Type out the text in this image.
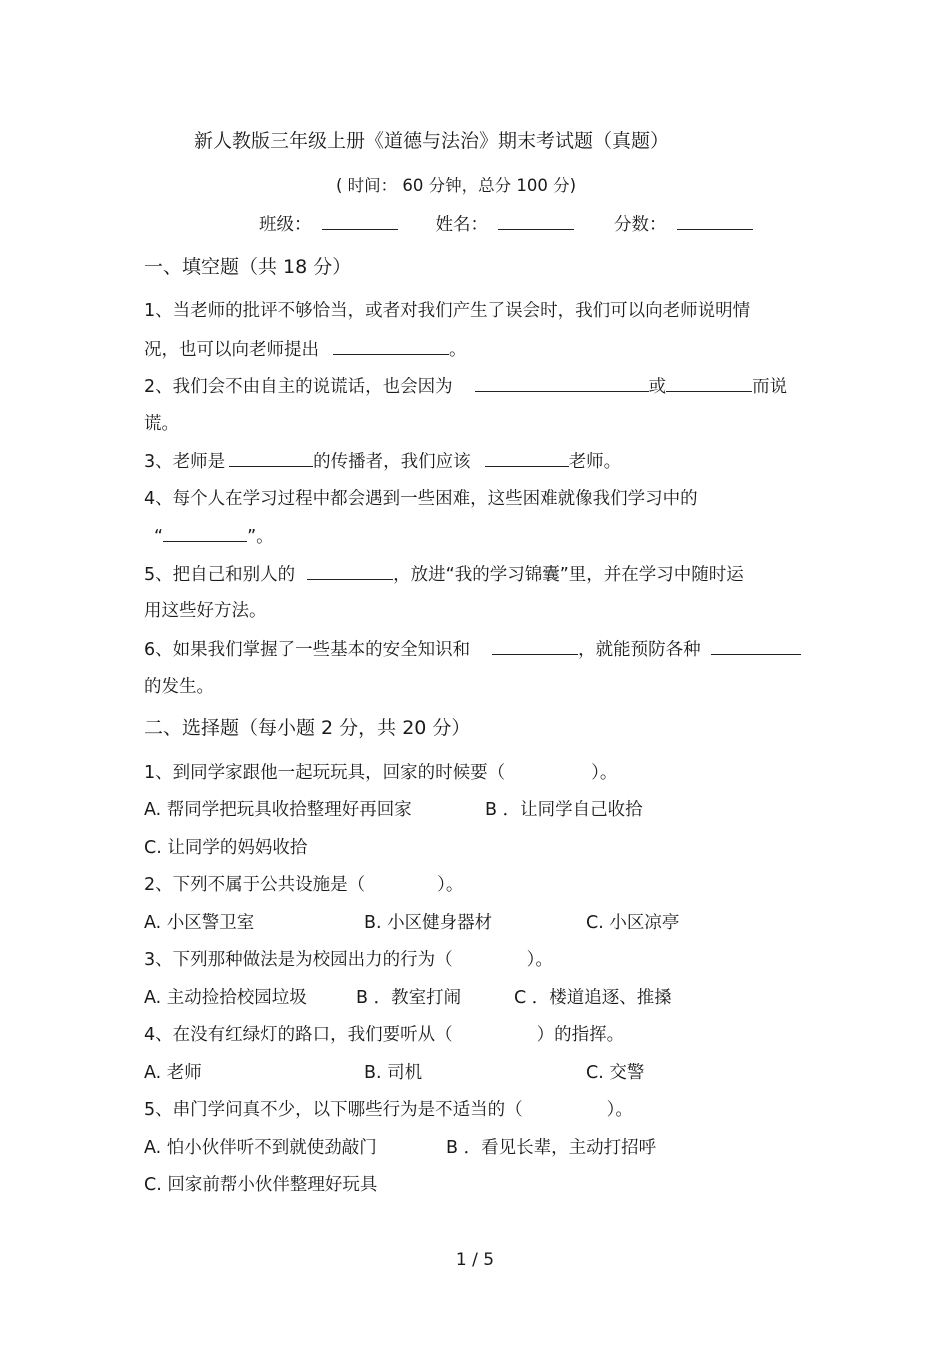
新人教版三年级上册《道德与法治》期末考试题（真题）
( 时间： 60 分钟，总分 100 分)
班级：	姓名：	分数：
一、填空题（共 18 分）
1、当老师的批评不够恰当，或者对我们产生了误会时，我们可以向老师说明情
况，也可以向老师提出	。
2、我们会不由自主的说谎话，也会因为	或	而说
谎。
3、老师是	的传播者，我们应该	老师。
4、每个人在学习过程中都会遇到一些困难，这些困难就像我们学习中的
“	”。
5、把自己和别人的	，放进“我的学习锦囊”里，并在学习中随时运
用这些好方法。
6、如果我们掌握了一些基本的安全知识和	，就能预防各种
的发生。
二、选择题（每小题 2 分，共 20 分）
1、到同学家跟他一起玩玩具，回家的时候要（	）。
A. 帮同学把玩具收拾整理好再回家	B ．让同学自己收拾
C. 让同学的妈妈收拾
2、下列不属于公共设施是（	）。
A. 小区警卫室	B. 小区健身器材	C. 小区凉亭
3、下列那种做法是为校园出力的行为（	）。
A. 主动捡拾校园垃圾	B ．教室打闹	C ．楼道追逐、推搡
4、在没有红绿灯的路口，我们要听从（	）的指挥。
A. 老师	B. 司机	C. 交警
5、串门学问真不少，以下哪些行为是不适当的（	）。
A. 怕小伙伴听不到就使劲敲门	B ．看见长辈，主动打招呼
C. 回家前帮小伙伴整理好玩具
1 / 5
